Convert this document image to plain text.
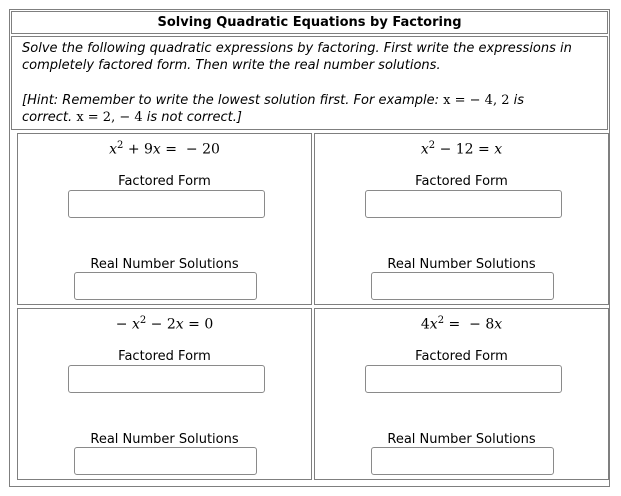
Solving Quadratic Equations by Factoring

Solve the following quadratic expressions by factoring. First write the expressions in
completely factored form. Then write the real number solutions.

[Hint: Remember to write the lowest solution first. For example: x = − 4, 2 is
correct. x = 2, − 4 is not correct.]

$x^2 + 9x$ =  − 20
Factored Form
Real Number Solutions
$x^2 - 12 = x$
Factored Form
Real Number Solutions
− $x^2 - 2x = 0$
Factored Form
Real Number Solutions
$4x^2$ =  − 8x
Factored Form
Real Number Solutions
